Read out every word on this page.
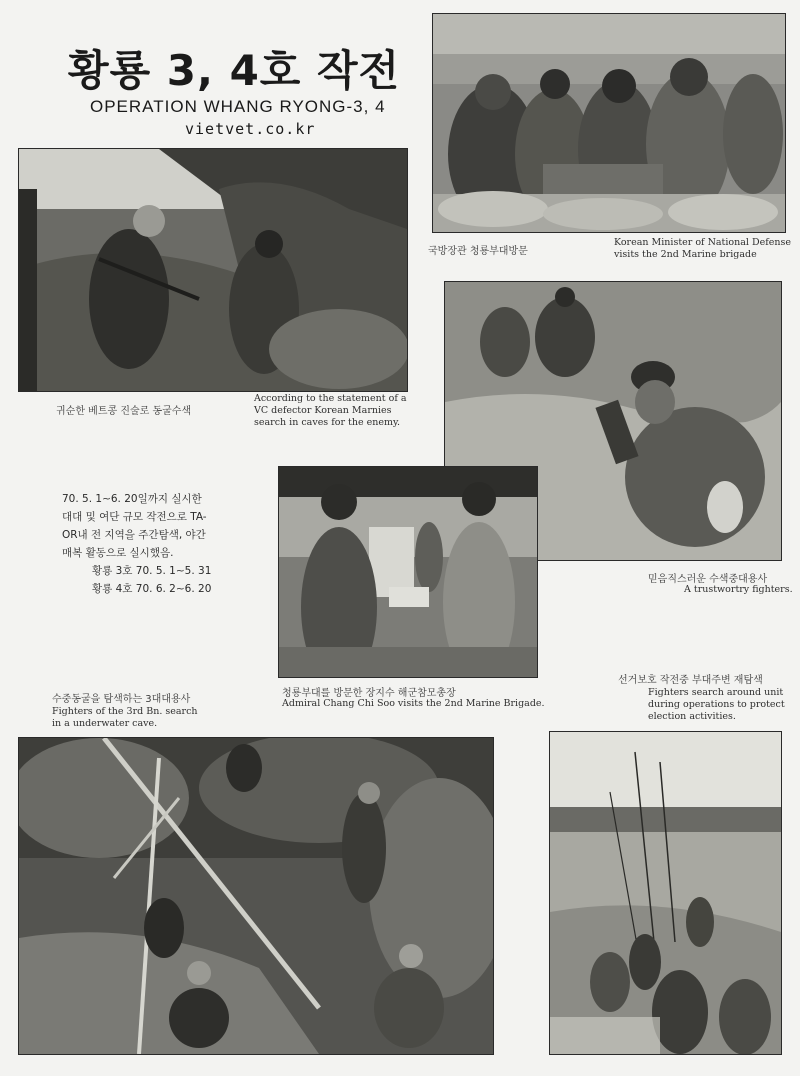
황룡 3, 4호 작전
OPERATION WHANG RYONG-3, 4
vietvet.co.kr
국방장관 청룡부대방문
Korean Minister of National Defense
visits the 2nd Marine brigade
귀순한 베트콩 진술로 동굴수색
According to the statement of a
VC defector Korean Marnies
search in caves for the enemy.
믿음직스러운 수색중대용사
A trustwortry fighters.
70. 5. 1∼6. 20일까지 실시한
대대 및 여단 규모 작전으로 TA-
OR내 전 지역을 주간탐색, 야간
매복 활동으로 실시했음.
황룡 3호 70. 5. 1∼5. 31
황룡 4호 70. 6. 2∼6. 20
청룡부대를 방문한 장지수 해군참모총장
Admiral Chang Chi Soo visits the 2nd Marine Brigade.
수중동굴을 탐색하는 3대대용사
Fighters of the 3rd Bn. search
in a underwater cave.
선거보호 작전중 부대주변 재탐색
Fighters search around unit
during operations to protect
election activities.
